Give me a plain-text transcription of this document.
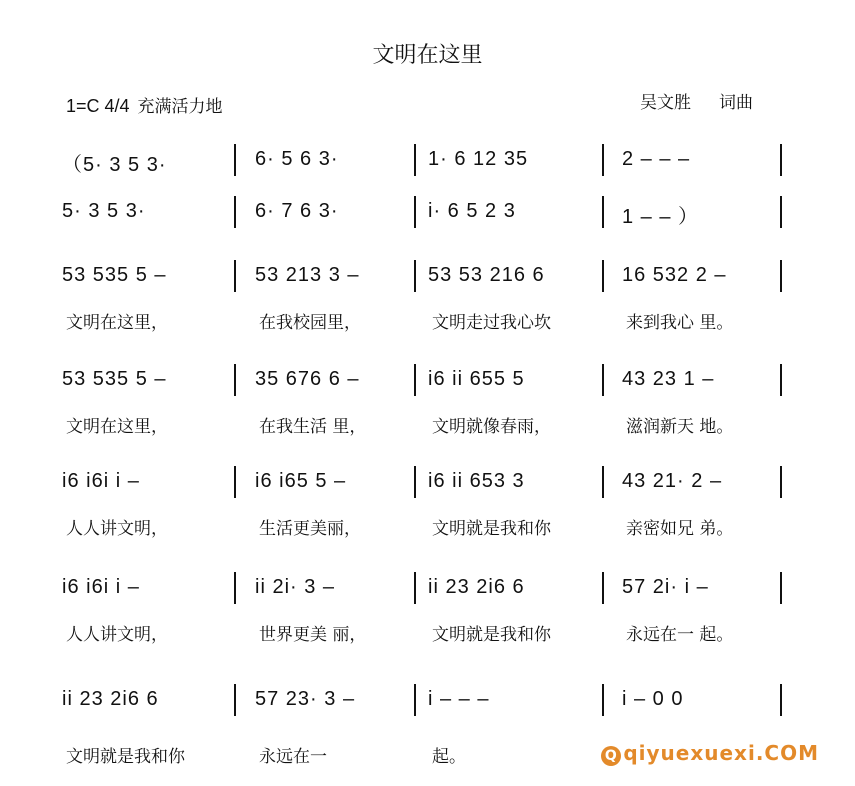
文明在这里
1=C 4/4 充满活力地	吴文胜 词曲
（5· 3 5 3·	6· 5 6 3·	1· 6 12 35	2 – – –
5· 3 5 3·	6· 7 6 3·	i· 6 5 2 3	1 – – ）
53 535 5 –	53 213 3 –	53 53 216 6	16 532 2 –
文明在这里，	在我校园里，	文明走过我心坎	来到我心 里。
53 535 5 –	35 676 6 –	i6 ii 655 5	43 23 1 –
文明在这里，	在我生活 里，	文明就像春雨，	滋润新天 地。
i6 i6i i –	i6 i65 5 –	i6 ii 653 3	43 21· 2 –
人人讲文明，	生活更美丽，	文明就是我和你	亲密如兄 弟。
i6 i6i i –	ii 2i· 3 –	ii 23 2i6 6	57 2i· i –
人人讲文明，	世界更美 丽，	文明就是我和你	永远在一 起。
ii 23 2i6 6	57 23· 3 –	i – – –	i – 0 0
文明就是我和你	永远在一	起。	Q qiyuexuexi.COM
